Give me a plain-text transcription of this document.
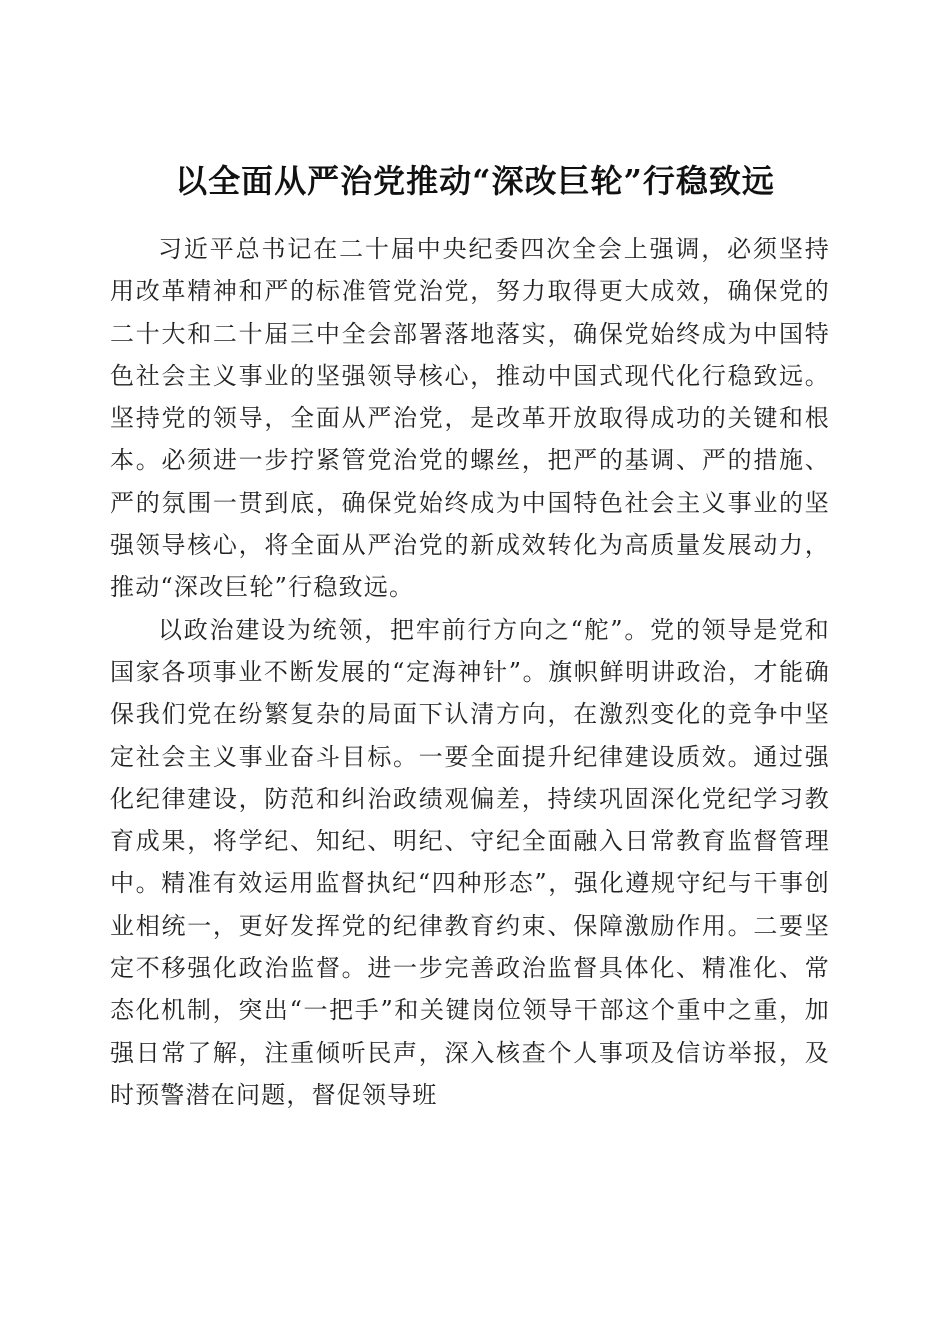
以全面从严治党推动“深改巨轮”行稳致远

习近平总书记在二十届中央纪委四次全会上强调，必须坚持用改革精神和严的标准管党治党，努力取得更大成效，确保党的二十大和二十届三中全会部署落地落实，确保党始终成为中国特色社会主义事业的坚强领导核心，推动中国式现代化行稳致远。坚持党的领导，全面从严治党，是改革开放取得成功的关键和根本。必须进一步拧紧管党治党的螺丝，把严的基调、严的措施、严的氛围一贯到底，确保党始终成为中国特色社会主义事业的坚强领导核心，将全面从严治党的新成效转化为高质量发展动力，推动“深改巨轮”行稳致远。

以政治建设为统领，把牢前行方向之“舵”。党的领导是党和国家各项事业不断发展的“定海神针”。旗帜鲜明讲政治，才能确保我们党在纷繁复杂的局面下认清方向，在激烈变化的竞争中坚定社会主义事业奋斗目标。一要全面提升纪律建设质效。通过强化纪律建设，防范和纠治政绩观偏差，持续巩固深化党纪学习教育成果，将学纪、知纪、明纪、守纪全面融入日常教育监督管理中。精准有效运用监督执纪“四种形态”，强化遵规守纪与干事创业相统一，更好发挥党的纪律教育约束、保障激励作用。二要坚定不移强化政治监督。进一步完善政治监督具体化、精准化、常态化机制，突出“一把手”和关键岗位领导干部这个重中之重，加强日常了解，注重倾听民声，深入核查个人事项及信访举报，及时预警潜在问题，督促领导班
